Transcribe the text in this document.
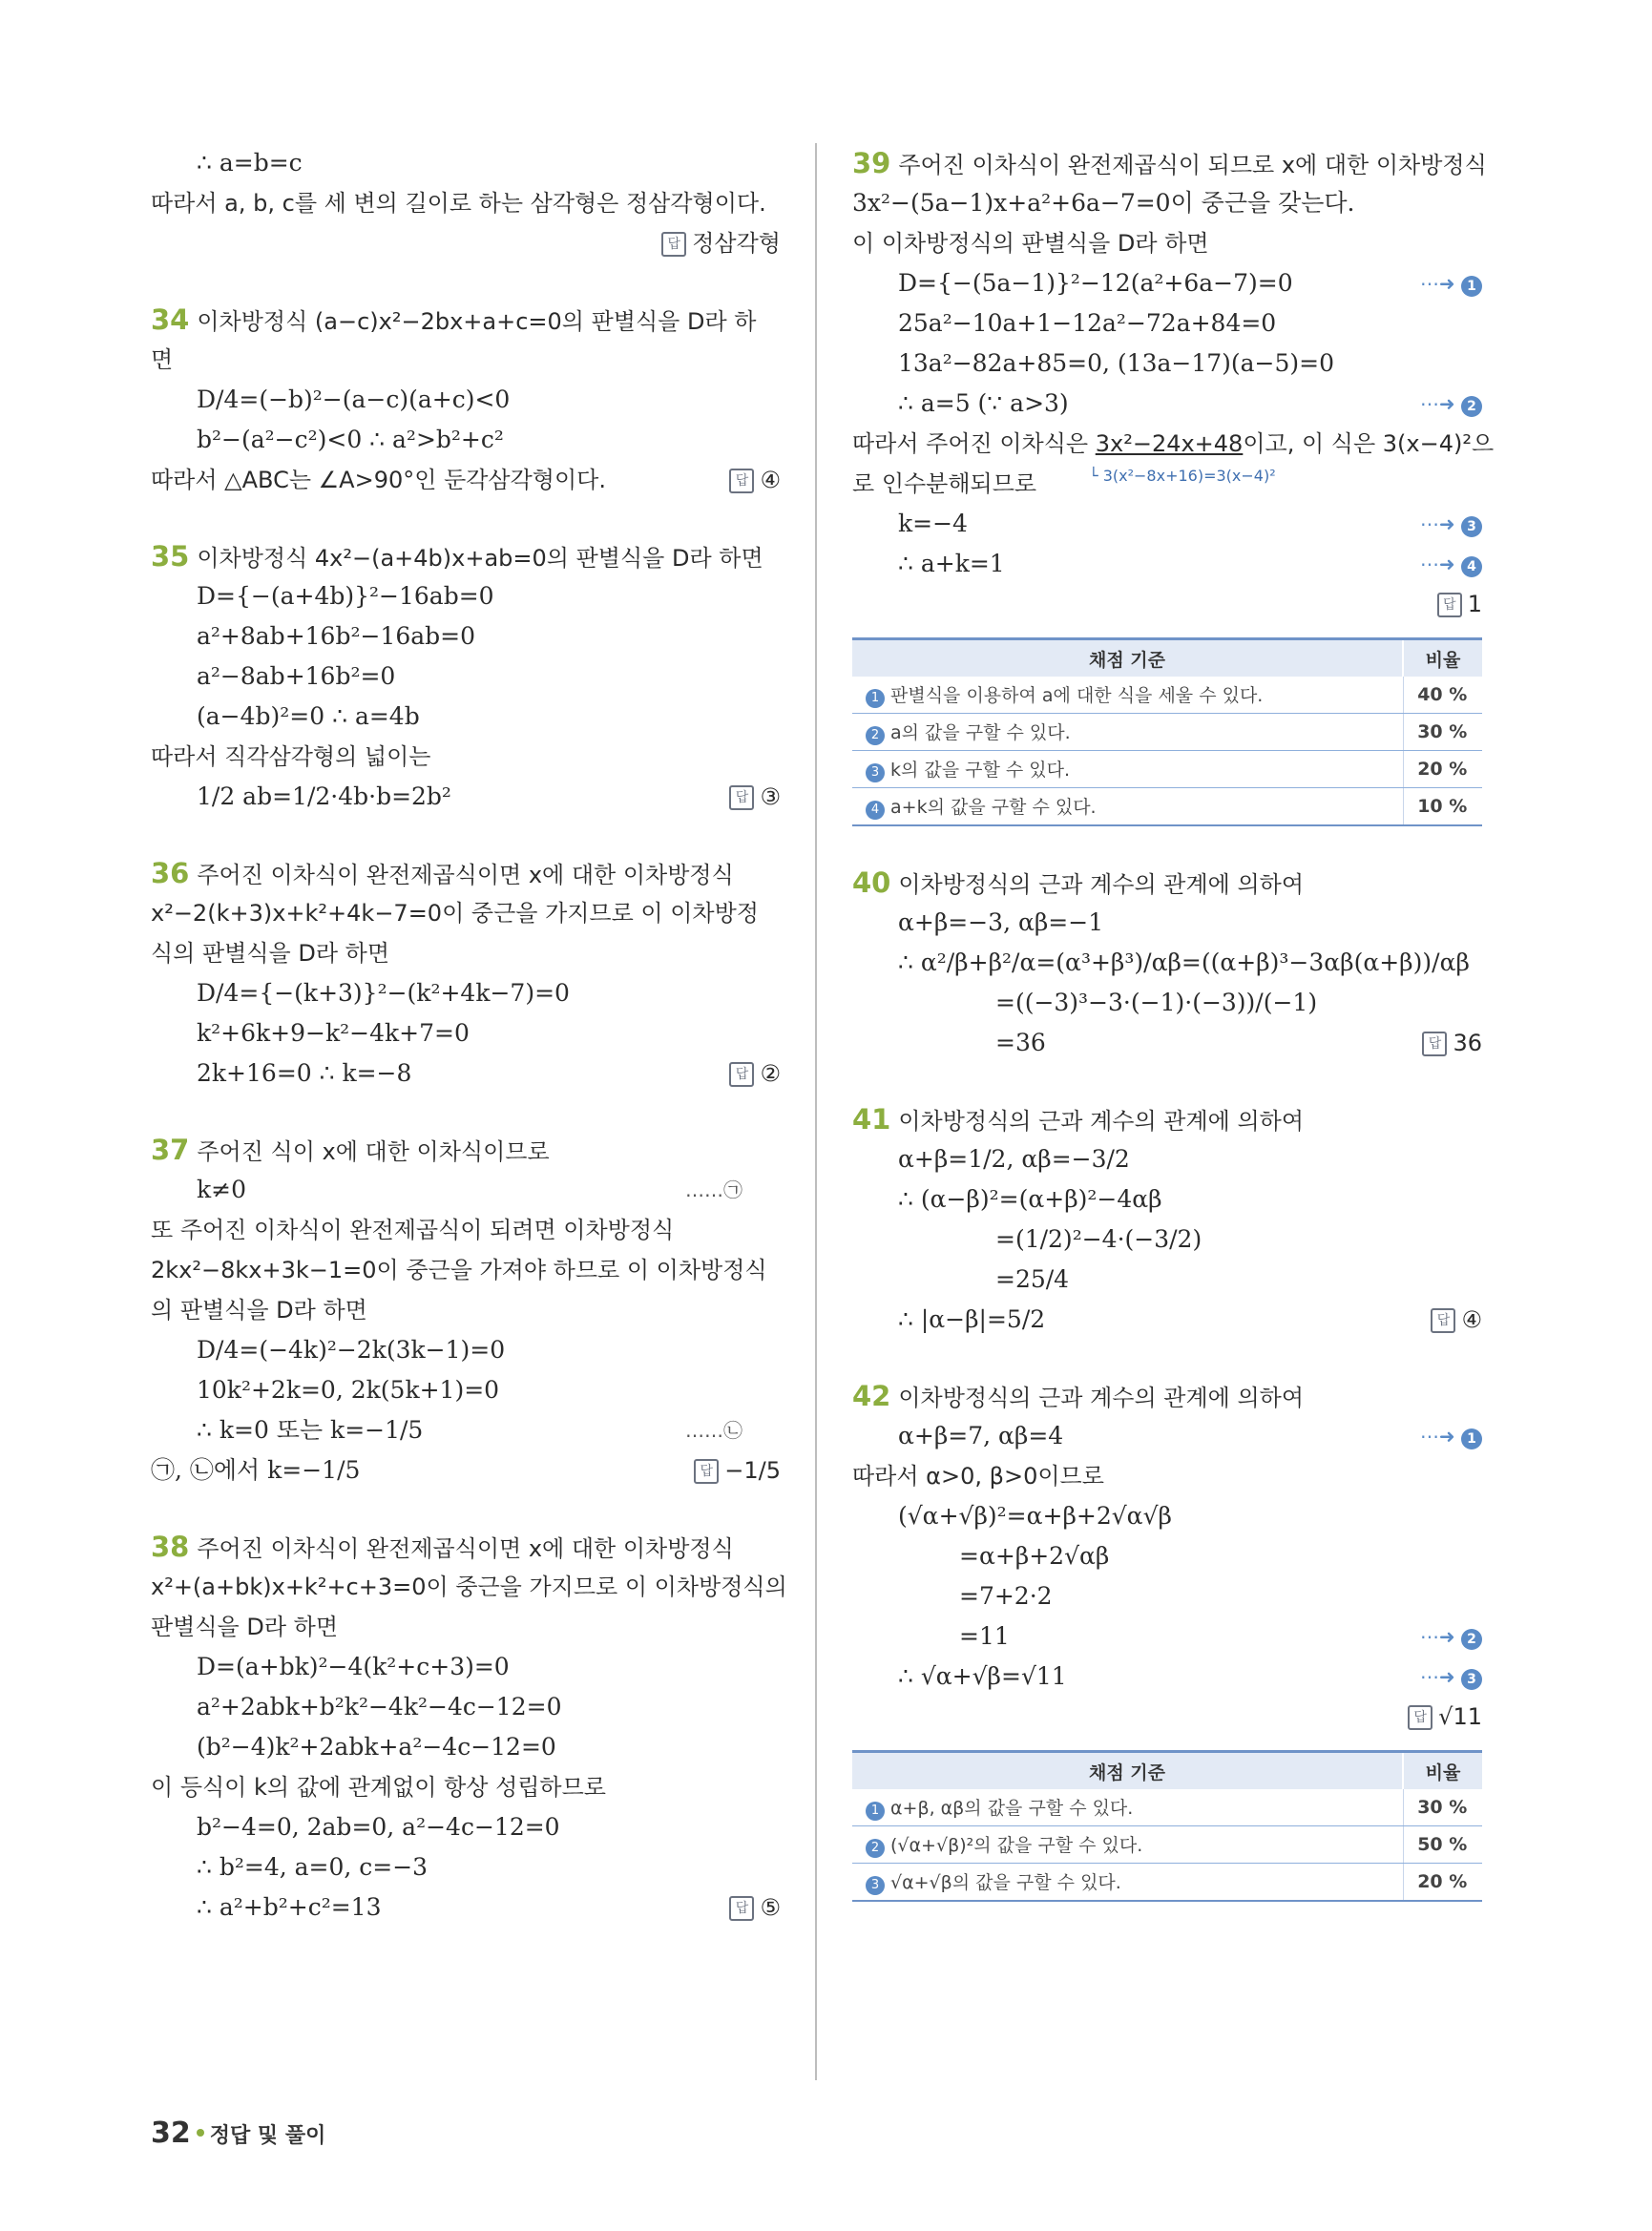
∴ a=b=c
따라서 a, b, c를 세 변의 길이로 하는 삼각형은 정삼각형이다.
답 정삼각형
34 이차방정식 (a−c)x²−2bx+a+c=0의 판별식을 D라 하
면
D/4=(−b)²−(a−c)(a+c)<0
b²−(a²−c²)<0 ∴ a²>b²+c²
따라서 △ABC는 ∠A>90°인 둔각삼각형이다.	답 ④
35 이차방정식 4x²−(a+4b)x+ab=0의 판별식을 D라 하면
D={−(a+4b)}²−16ab=0
a²+8ab+16b²−16ab=0
a²−8ab+16b²=0
(a−4b)²=0 ∴ a=4b
따라서 직각삼각형의 넓이는
1/2 ab=1/2·4b·b=2b²	답 ③
36 주어진 이차식이 완전제곱식이면 x에 대한 이차방정식
x²−2(k+3)x+k²+4k−7=0이 중근을 가지므로 이 이차방정
식의 판별식을 D라 하면
D/4={−(k+3)}²−(k²+4k−7)=0
k²+6k+9−k²−4k+7=0
2k+16=0 ∴ k=−8	답 ②
37 주어진 식이 x에 대한 이차식이므로
k≠0	……㉠
또 주어진 이차식이 완전제곱식이 되려면 이차방정식
2kx²−8kx+3k−1=0이 중근을 가져야 하므로 이 이차방정식
의 판별식을 D라 하면
D/4=(−4k)²−2k(3k−1)=0
10k²+2k=0, 2k(5k+1)=0
∴ k=0 또는 k=−1/5	……㉡
㉠, ㉡에서 k=−1/5	답 −1/5
38 주어진 이차식이 완전제곱식이면 x에 대한 이차방정식
x²+(a+bk)x+k²+c+3=0이 중근을 가지므로 이 이차방정식의
판별식을 D라 하면
D=(a+bk)²−4(k²+c+3)=0
a²+2abk+b²k²−4k²−4c−12=0
(b²−4)k²+2abk+a²−4c−12=0
이 등식이 k의 값에 관계없이 항상 성립하므로
b²−4=0, 2ab=0, a²−4c−12=0
∴ b²=4, a=0, c=−3
∴ a²+b²+c²=13	답 ⑤
39 주어진 이차식이 완전제곱식이 되므로 x에 대한 이차방정식
3x²−(5a−1)x+a²+6a−7=0이 중근을 갖는다.
이 이차방정식의 판별식을 D라 하면
D={−(5a−1)}²−12(a²+6a−7)=0	⋯➜ 1
25a²−10a+1−12a²−72a+84=0
13a²−82a+85=0, (13a−17)(a−5)=0
∴ a=5 (∵ a>3)	⋯➜ 2
따라서 주어진 이차식은 3x²−24x+48이고, 이 식은 3(x−4)²으
└ 3(x²−8x+16)=3(x−4)²
로 인수분해되므로
k=−4	⋯➜ 3
∴ a+k=1	⋯➜ 4
답 1
채점 기준	비율
1 판별식을 이용하여 a에 대한 식을 세울 수 있다.	40 %
2 a의 값을 구할 수 있다.	30 %
3 k의 값을 구할 수 있다.	20 %
4 a+k의 값을 구할 수 있다.	10 %
40 이차방정식의 근과 계수의 관계에 의하여
α+β=−3, αβ=−1
∴ α²/β+β²/α=(α³+β³)/αβ=((α+β)³−3αβ(α+β))/αβ
=((−3)³−3·(−1)·(−3))/(−1)
=36	답 36
41 이차방정식의 근과 계수의 관계에 의하여
α+β=1/2, αβ=−3/2
∴ (α−β)²=(α+β)²−4αβ
=(1/2)²−4·(−3/2)
=25/4
∴ |α−β|=5/2	답 ④
42 이차방정식의 근과 계수의 관계에 의하여
α+β=7, αβ=4	⋯➜ 1
따라서 α>0, β>0이므로
(√α+√β)²=α+β+2√α√β
=α+β+2√αβ
=7+2·2
=11	⋯➜ 2
∴ √α+√β=√11	⋯➜ 3
답 √11
채점 기준	비율
1 α+β, αβ의 값을 구할 수 있다.	30 %
2 (√α+√β)²의 값을 구할 수 있다.	50 %
3 √α+√β의 값을 구할 수 있다.	20 %
32 정답 및 풀이
